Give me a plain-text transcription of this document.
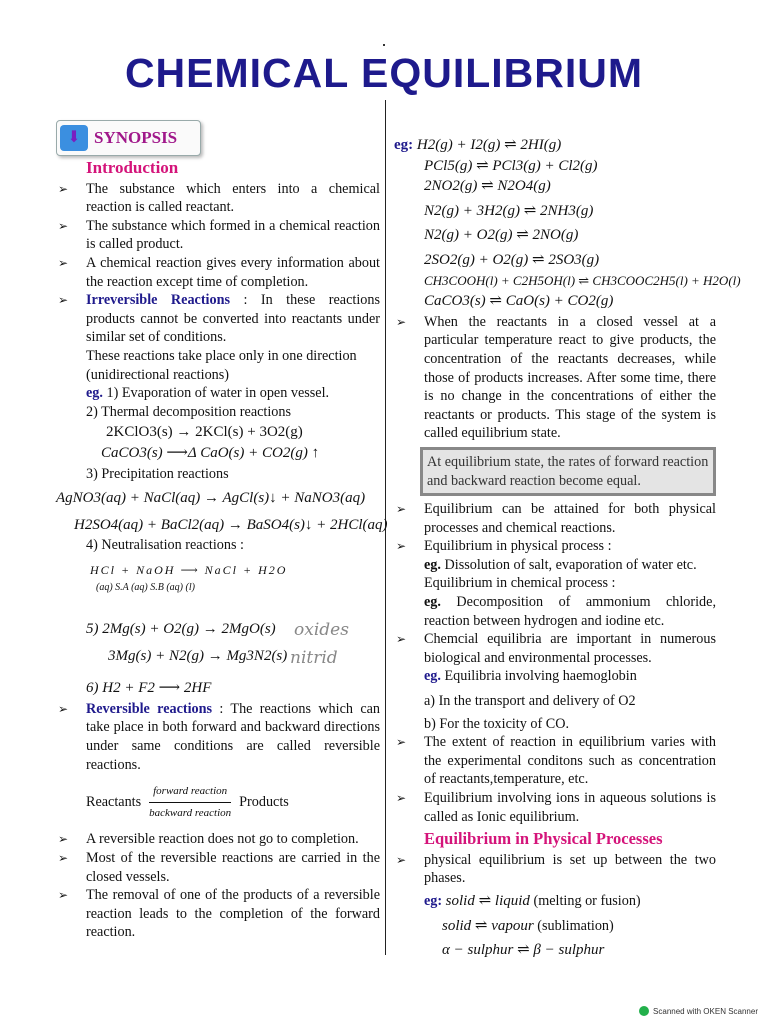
CHEMICAL EQUILIBRIUM
⬇ SYNOPSIS
Introduction

➢ The substance which enters into a chemical reaction is called reactant.

➢ The substance which formed in a chemical reaction is called product.

➢ A chemical reaction gives every information about the reaction except time of completion.

➢ Irreversible Reactions : In these reactions products cannot be converted into reactants under similar set of conditions.

These reactions take place only in one direction (unidirectional reactions)

eg. 1) Evaporation of water in open vessel.

2) Thermal decomposition reactions

2KClO3(s) → 2KCl(s) + 3O2(g)

CaCO3(s) ⟶Δ CaO(s) + CO2(g) ↑

3) Precipitation reactions

AgNO3(aq) + NaCl(aq) → AgCl(s)↓ + NaNO3(aq)

H2SO4(aq) + BaCl2(aq) → BaSO4(s)↓ + 2HCl(aq)

4) Neutralisation reactions :

HCl + NaOH ⟶ NaCl + H2O

(aq) S.A (aq) S.B (aq) (l)

5) 2Mg(s) + O2(g) → 2MgO(s)

3Mg(s) + N2(g) → Mg3N2(s)

6) H2 + F2 ⟶ 2HF

➢ Reversible reactions : The reactions which can take place in both forward and backward directions under same conditions are called reversible reactions.

Reactants
forward reaction
backward reaction
Products

➢ A reversible reaction does not go to completion.

➢ Most of the reversible reactions are carried in the closed vessels.

➢ The removal of one of the products of a reversible reaction leads to the completion of the forward reaction.

oxides
nitrid

eg: H2(g) + I2(g) ⇌ 2HI(g)

PCl5(g) ⇌ PCl3(g) + Cl2(g)

2NO2(g) ⇌ N2O4(g)

N2(g) + 3H2(g) ⇌ 2NH3(g)

N2(g) + O2(g) ⇌ 2NO(g)

2SO2(g) + O2(g) ⇌ 2SO3(g)

CH3COOH(l) + C2H5OH(l) ⇌ CH3COOC2H5(l) + H2O(l)

CaCO3(s) ⇌ CaO(s) + CO2(g)

➢ When the reactants in a closed vessel at a particular temperature react to give products, the concentration of the reactants decreases, while those of products increases. After some time, there is no change in the concentrations of either the reactants or products. This stage of the system is called equilibrium state.

At equilibrium state, the rates of forward reaction and backward reaction become equal.

➢ Equilibrium can be attained for both physical processes and chemical reactions.

➢ Equilibrium in physical process :

eg. Dissolution of salt, evaporation of water etc.

Equilibrium in chemical process :

eg. Decomposition of ammonium chloride, reaction between hydrogen and iodine etc.

➢ Chemcial equilibria are important in numerous biological and environmental processes.

eg. Equilibria involving haemoglobin

a) In the transport and delivery of O2

b) For the toxicity of CO.

➢ The extent of reaction in equilibrium varies with the experimental conditons such as concentration of reactants,temperature, etc.

➢ Equilibrium involving ions in aqueous solutions is called as Ionic equilibrium.

Equilibrium in Physical Processes

➢ physical equilibrium is set up between the two phases.

eg: solid ⇌ liquid (melting or fusion)

solid ⇌ vapour (sublimation)

α − sulphur ⇌ β − sulphur

Scanned with OKEN Scanner
